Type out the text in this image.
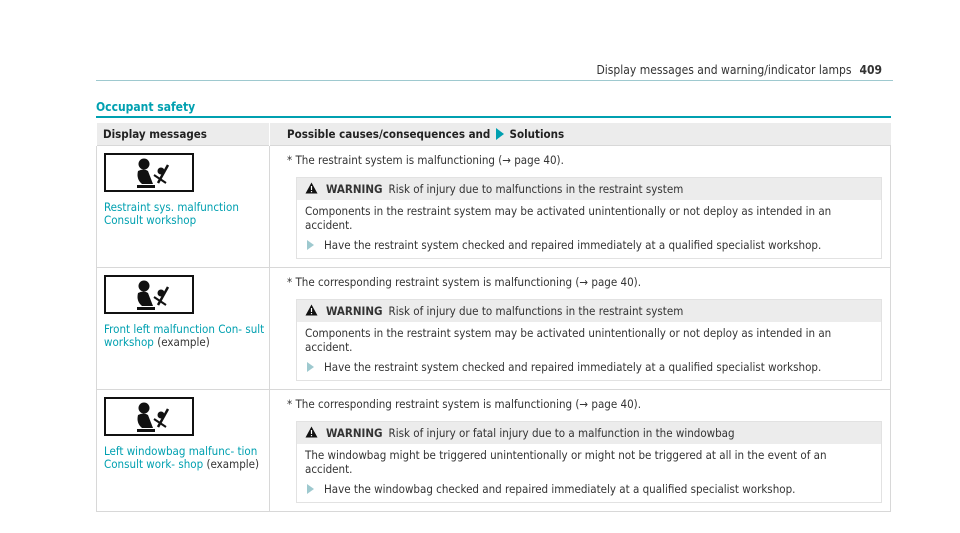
Display messages and warning/indicator lamps 409
Occupant safety
Display messages	Possible causes/consequences and Solutions

Restraint sys. malfunction Consult workshop	* The restraint system is malfunctioning (→ page 40).
WARNING Risk of injury due to malfunctions in the restraint system
Components in the restraint system may be activated unintentionally or not deploy as intended in an accident.
Have the restraint system checked and repaired immediately at a qualified specialist workshop.

Front left malfunction Con- sult workshop (example)	* The corresponding restraint system is malfunctioning (→ page 40).
WARNING Risk of injury due to malfunctions in the restraint system
Components in the restraint system may be activated unintentionally or not deploy as intended in an accident.
Have the restraint system checked and repaired immediately at a qualified specialist workshop.

Left windowbag malfunc- tion Consult work- shop (example)	* The corresponding restraint system is malfunctioning (→ page 40).
WARNING Risk of injury or fatal injury due to a malfunction in the windowbag
The windowbag might be triggered unintentionally or might not be triggered at all in the event of an accident.
Have the windowbag checked and repaired immediately at a qualified specialist workshop.
